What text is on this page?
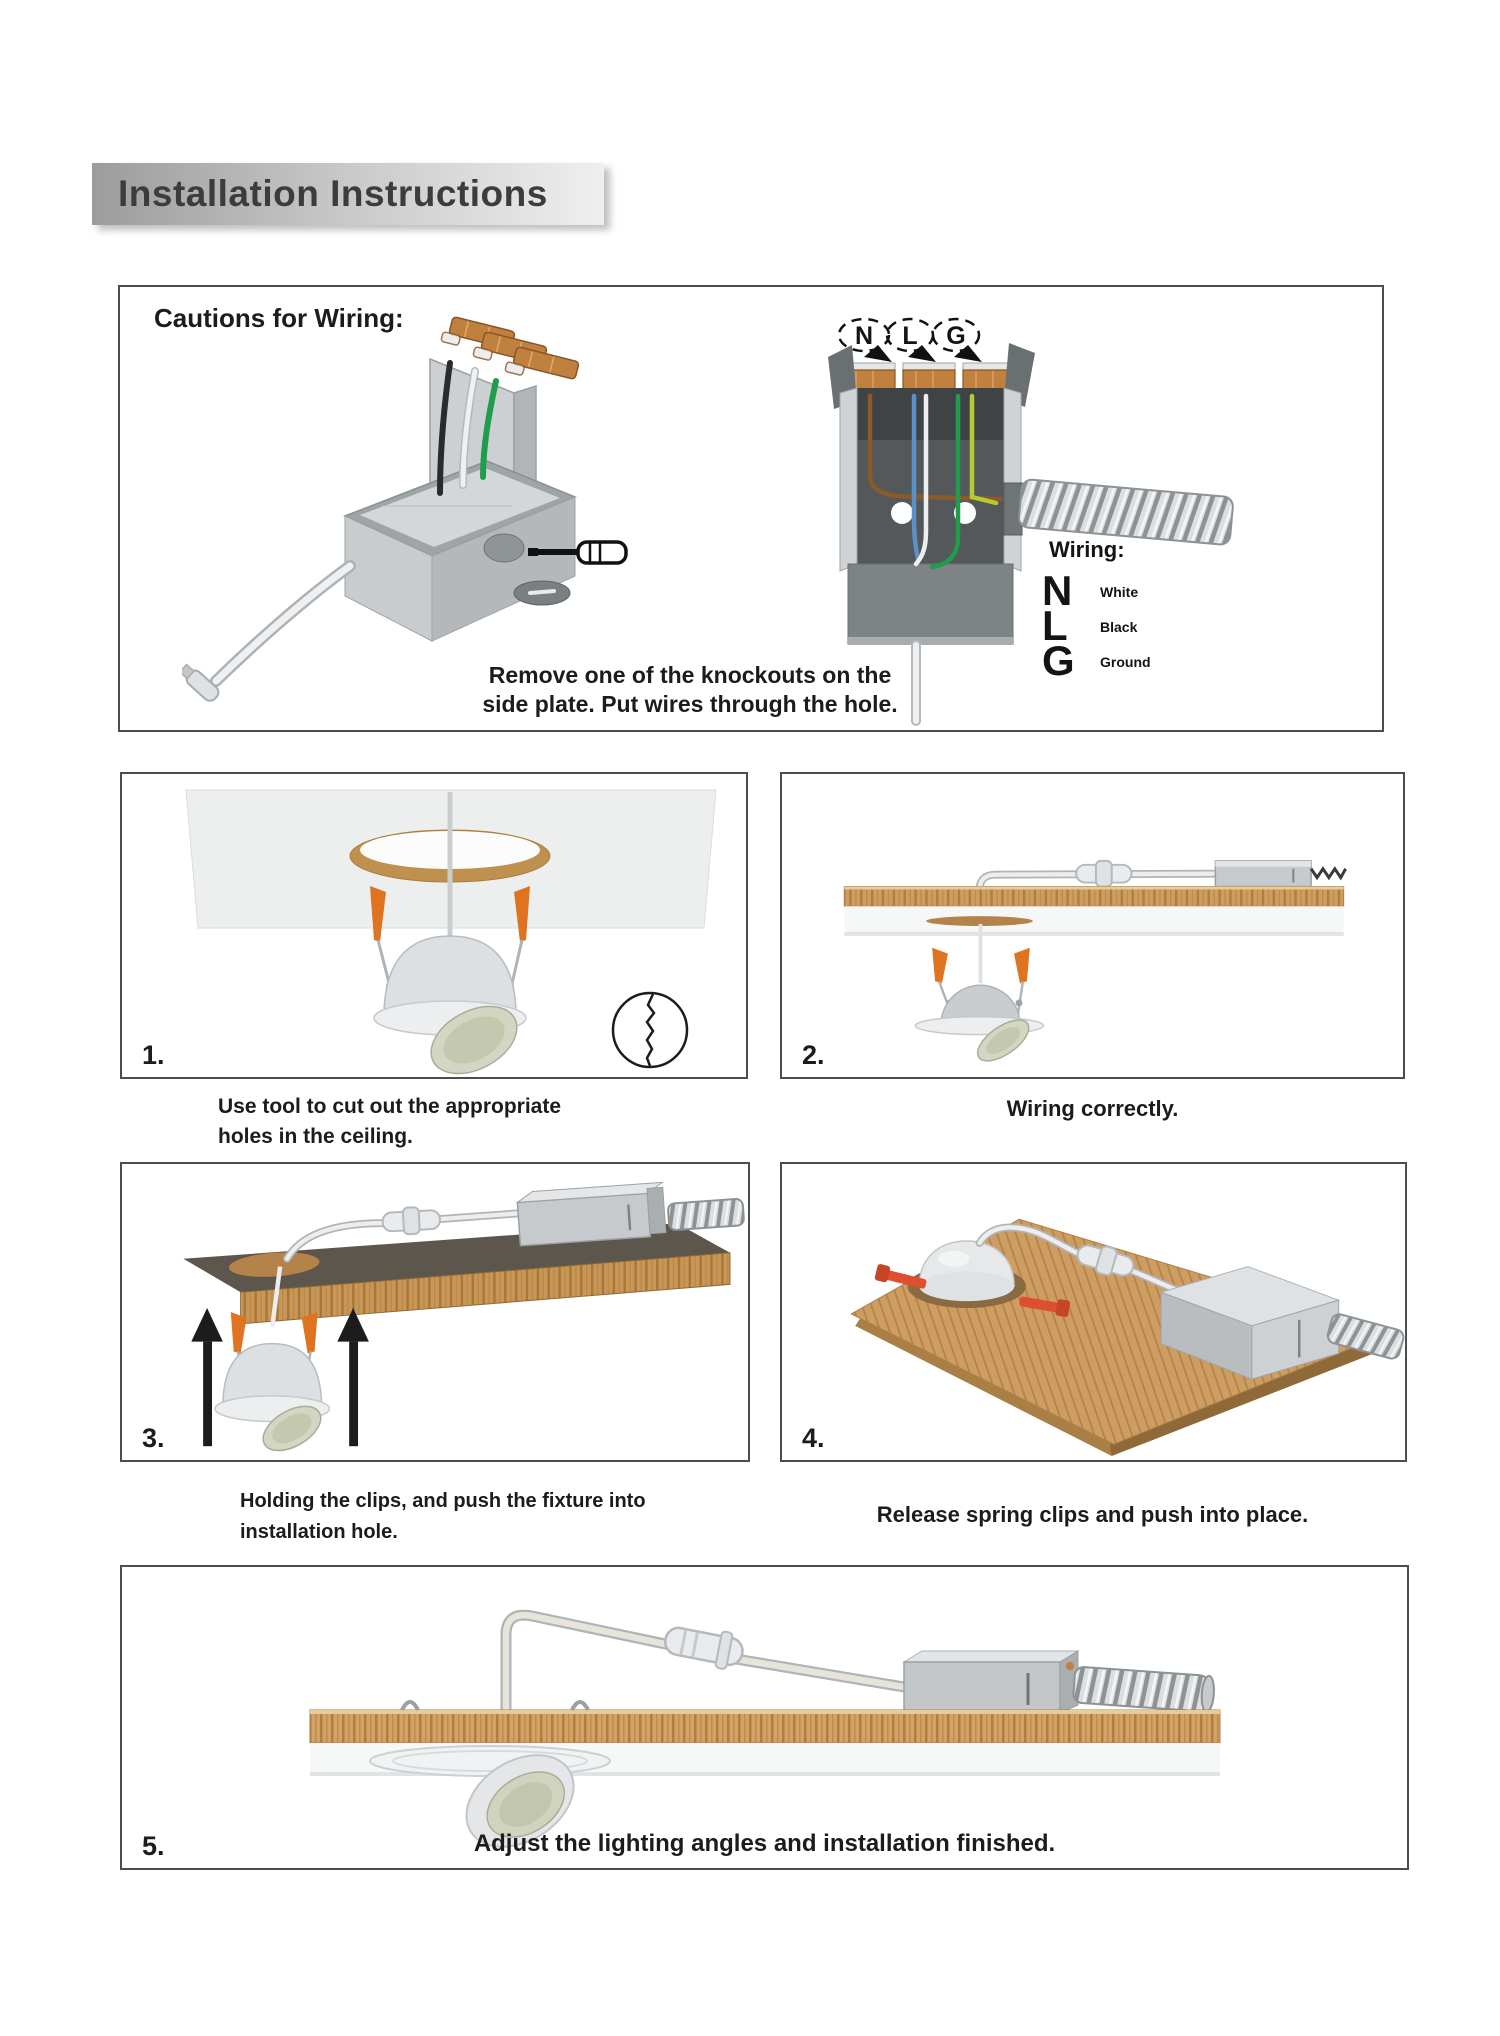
Installation Instructions
Cautions for Wiring:
N L G
Wiring:
N White
L Black
G Ground
Remove one of the knockouts on the
side plate. Put wires through the hole.
1.	2.
3.	4.
5.	Adjust the lighting angles and installation finished.
Use tool to cut out the appropriate
holes in the ceiling.
Wiring correctly.
Holding the clips, and push the fixture into
installation hole.
Release spring clips and push into place.
